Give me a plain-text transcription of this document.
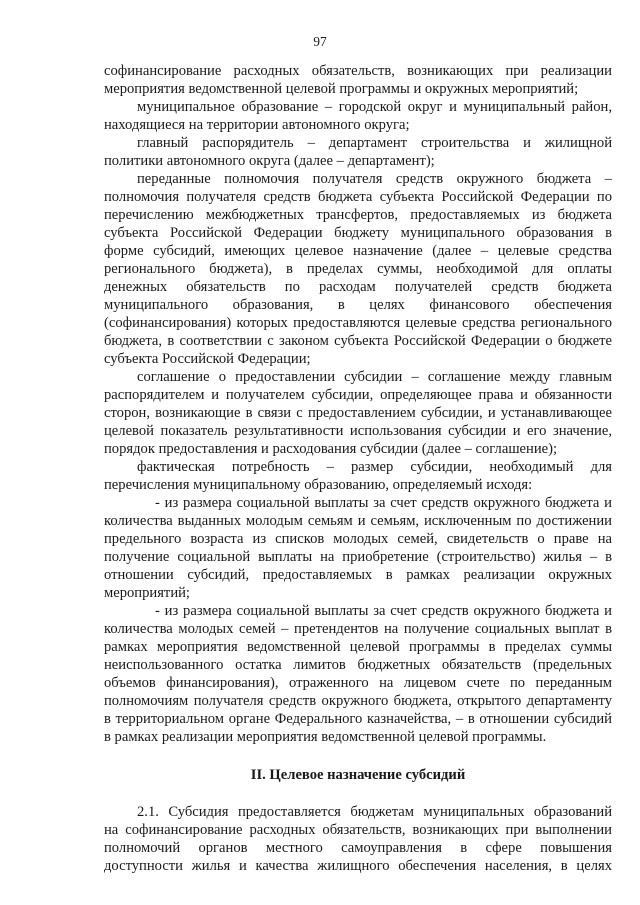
97
софинансирование расходных обязательств, возникающих при реализации
мероприятия ведомственной целевой программы и окружных мероприятий;
муниципальное образование – городской округ и муниципальный район,
находящиеся на территории автономного округа;
главный распорядитель – департамент строительства и жилищной
политики автономного округа (далее – департамент);
переданные полномочия получателя средств окружного бюджета –
полномочия получателя средств бюджета субъекта Российской Федерации по
перечислению межбюджетных трансфертов, предоставляемых из бюджета
субъекта Российской Федерации бюджету муниципального образования в
форме субсидий, имеющих целевое назначение (далее – целевые средства
регионального бюджета), в пределах суммы, необходимой для оплаты
денежных обязательств по расходам получателей средств бюджета
муниципального образования, в целях финансового обеспечения
(софинансирования) которых предоставляются целевые средства регионального
бюджета, в соответствии с законом субъекта Российской Федерации о бюджете
субъекта Российской Федерации;
соглашение о предоставлении субсидии – соглашение между главным
распорядителем и получателем субсидии, определяющее права и обязанности
сторон, возникающие в связи с предоставлением субсидии, и устанавливающее
целевой показатель результативности использования субсидии и его значение,
порядок предоставления и расходования субсидии (далее – соглашение);
фактическая потребность – размер субсидии, необходимый для
перечисления муниципальному образованию, определяемый исходя:
- из размера социальной выплаты за счет средств окружного бюджета и
количества выданных молодым семьям и семьям, исключенным по достижении
предельного возраста из списков молодых семей, свидетельств о праве на
получение социальной выплаты на приобретение (строительство) жилья – в
отношении субсидий, предоставляемых в рамках реализации окружных
мероприятий;
- из размера социальной выплаты за счет средств окружного бюджета и
количества молодых семей – претендентов на получение социальных выплат в
рамках мероприятия ведомственной целевой программы в пределах суммы
неиспользованного остатка лимитов бюджетных обязательств (предельных
объемов финансирования), отраженного на лицевом счете по переданным
полномочиям получателя средств окружного бюджета, открытого департаменту
в территориальном органе Федерального казначейства, – в отношении субсидий
в рамках реализации мероприятия ведомственной целевой программы.
II. Целевое назначение субсидий
2.1. Субсидия предоставляется бюджетам муниципальных образований
на софинансирование расходных обязательств, возникающих при выполнении
полномочий органов местного самоуправления в сфере повышения
доступности жилья и качества жилищного обеспечения населения, в целях
